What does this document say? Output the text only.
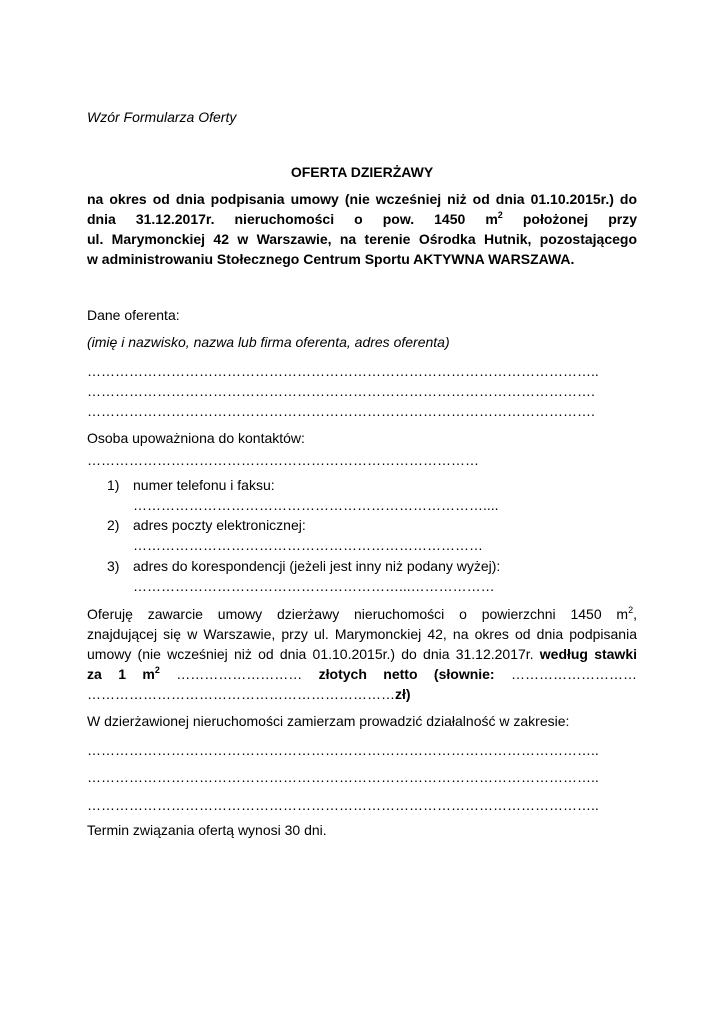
Wzór Formularza Oferty

OFERTA DZIERŻAWY

na okres od dnia podpisania umowy (nie wcześniej niż od dnia 01.10.2015r.) do
dnia 31.12.2017r. nieruchomości o pow. 1450 $m^2$ położonej przy
ul. Marymonckiej 42 w Warszawie, na terenie Ośrodka Hutnik, pozostającego
w administrowaniu Stołecznego Centrum Sportu AKTYWNA WARSZAWA.

Dane oferenta:

(imię i nazwisko, nazwa lub firma oferenta, adres oferenta)

………………………………………………………………………………………………..
……………………………………………………………………………………………….
……………………………………………………………………………………………….

Osoba upoważniona do kontaktów:

…………………………………………………………………………
1) numer telefonu i faksu:
…………………………………………………………………....
2) adres poczty elektronicznej:
…………………………………………………………………
3) adres do korespondencji (jeżeli jest inny niż podany wyżej):
…………………………………………………...………………
Oferuję zawarcie umowy dzierżawy nieruchomości o powierzchni 1450 $m^2$,
znajdującej się w Warszawie, przy ul. Marymonckiej 42, na okres od dnia podpisania
umowy (nie wcześniej niż od dnia 01.10.2015r.) do dnia 31.12.2017r. według stawki
za 1 $m^2$ ……………………… złotych netto (słownie: ………………………
…………………………………………………………zł)

W dzierżawionej nieruchomości zamierzam prowadzić działalność w zakresie:

………………………………………………………………………………………………..
………………………………………………………………………………………………..
………………………………………………………………………………………………..

Termin związania ofertą wynosi 30 dni.
